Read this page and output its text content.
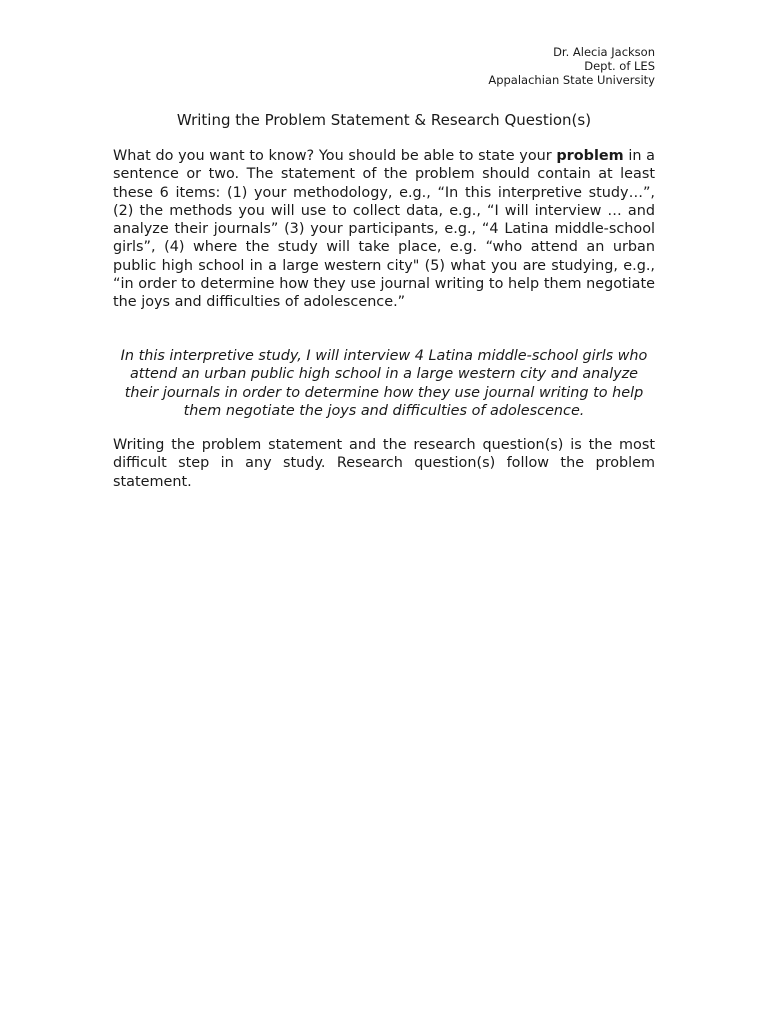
Dr. Alecia Jackson
Dept. of LES
Appalachian State University
Writing the Problem Statement & Research Question(s)

What do you want to know? You should be able to state your problem in a sentence or two. The statement of the problem should contain at least these 6 items: (1) your methodology, e.g., “In this interpretive study…”, (2) the methods you will use to collect data, e.g., “I will interview … and analyze their journals” (3) your participants, e.g., “4 Latina middle-school girls”, (4) where the study will take place, e.g. “who attend an urban public high school in a large western city" (5) what you are studying, e.g., “in order to determine how they use journal writing to help them negotiate the joys and difficulties of adolescence.”

In this interpretive study, I will interview 4 Latina middle-school girls who attend an urban public high school in a large western city and analyze their journals in order to determine how they use journal writing to help them negotiate the joys and difficulties of adolescence.

Writing the problem statement and the research question(s) is the most difficult step in any study. Research question(s) follow the problem statement.
